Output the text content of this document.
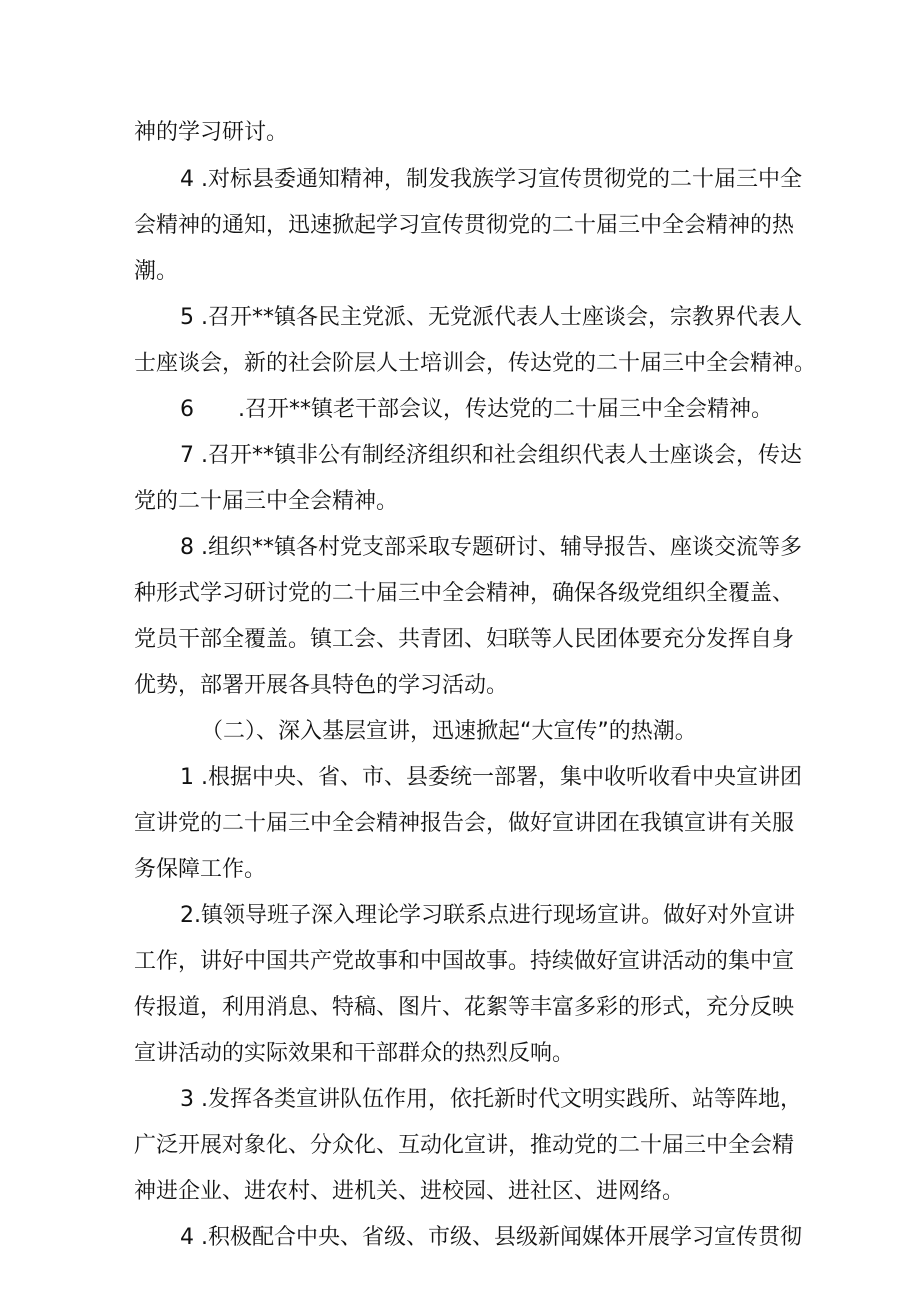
神的学习研讨。
4 .对标县委通知精神，制发我族学习宣传贯彻党的二十届三中全
会精神的通知，迅速掀起学习宣传贯彻党的二十届三中全会精神的热
潮。
5 .召开**镇各民主党派、无党派代表人士座谈会，宗教界代表人
士座谈会，新的社会阶层人士培训会，传达党的二十届三中全会精神。
6　　.召开**镇老干部会议，传达党的二十届三中全会精神。
7 .召开**镇非公有制经济组织和社会组织代表人士座谈会，传达
党的二十届三中全会精神。
8 .组织**镇各村党支部采取专题研讨、辅导报告、座谈交流等多
种形式学习研讨党的二十届三中全会精神，确保各级党组织全覆盖、
党员干部全覆盖。镇工会、共青团、妇联等人民团体要充分发挥自身
优势，部署开展各具特色的学习活动。
（二）、深入基层宣讲，迅速掀起“大宣传”的热潮。
1 .根据中央、省、市、县委统一部署，集中收听收看中央宣讲团
宣讲党的二十届三中全会精神报告会，做好宣讲团在我镇宣讲有关服
务保障工作。
2.镇领导班子深入理论学习联系点进行现场宣讲。做好对外宣讲
工作，讲好中国共产党故事和中国故事。持续做好宣讲活动的集中宣
传报道，利用消息、特稿、图片、花絮等丰富多彩的形式，充分反映
宣讲活动的实际效果和干部群众的热烈反响。
3 .发挥各类宣讲队伍作用，依托新时代文明实践所、站等阵地，
广泛开展对象化、分众化、互动化宣讲，推动党的二十届三中全会精
神进企业、进农村、进机关、进校园、进社区、进网络。
4 .积极配合中央、省级、市级、县级新闻媒体开展学习宣传贯彻
